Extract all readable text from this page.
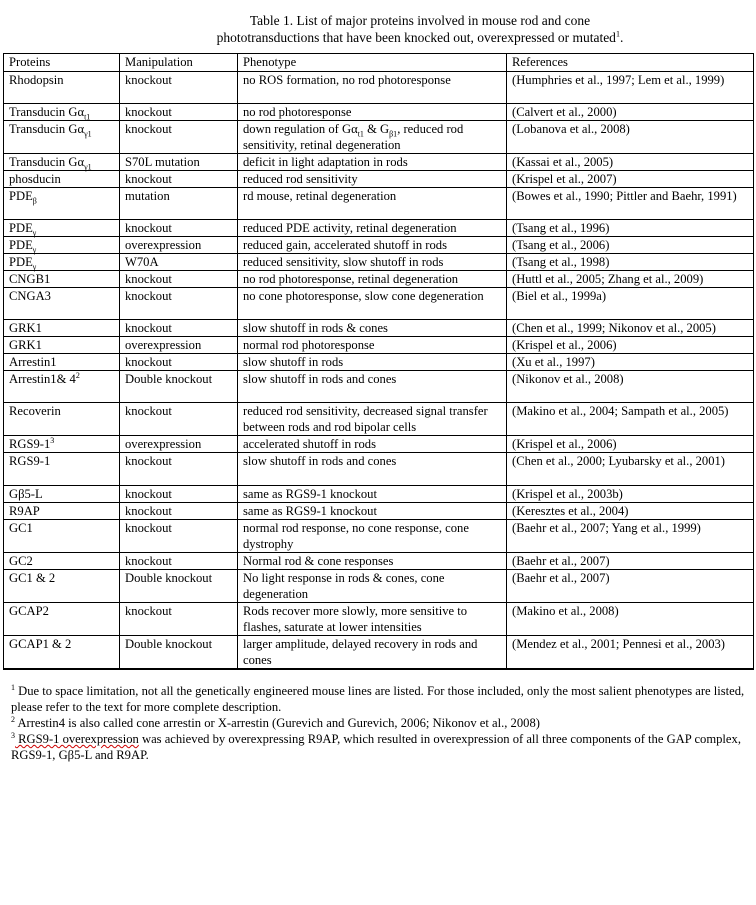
Table 1. List of major proteins involved in mouse rod and cone
phototransductions that have been knocked out, overexpressed or mutated$^1$.
Proteins	Manipulation	Phenotype	References
Rhodopsin	knockout	no ROS formation, no rod photoresponse	(Humphries et al., 1997; Lem et al., 1999)
Transducin $G\alpha_{t1}$	knockout	no rod photoresponse	(Calvert et al., 2000)
Transducin $G\alpha_{\gamma 1}$	knockout	down regulation of $G\alpha_{t1}$ & $G_{\beta 1}$, reduced rod sensitivity, retinal degeneration	(Lobanova et al., 2008)
Transducin $G\alpha_{\gamma 1}$	S70L mutation	deficit in light adaptation in rods	(Kassai et al., 2005)
phosducin	knockout	reduced rod sensitivity	(Krispel et al., 2007)
$PDE_\beta$	mutation	rd mouse, retinal degeneration	(Bowes et al., 1990; Pittler and Baehr, 1991)
$PDE_\gamma$	knockout	reduced PDE activity, retinal degeneration	(Tsang et al., 1996)
$PDE_\gamma$	overexpression	reduced gain, accelerated shutoff in rods	(Tsang et al., 2006)
$PDE_\gamma$	W70A	reduced sensitivity, slow shutoff in rods	(Tsang et al., 1998)
CNGB1	knockout	no rod photoresponse, retinal degeneration	(Huttl et al., 2005; Zhang et al., 2009)
CNGA3	knockout	no cone photoresponse, slow cone degeneration	(Biel et al., 1999a)
GRK1	knockout	slow shutoff in rods & cones	(Chen et al., 1999; Nikonov et al., 2005)
GRK1	overexpression	normal rod photoresponse	(Krispel et al., 2006)
Arrestin1	knockout	slow shutoff in rods	(Xu et al., 1997)
Arrestin1& $4^2$	Double knockout	slow shutoff in rods and cones	(Nikonov et al., 2008)
Recoverin	knockout	reduced rod sensitivity, decreased signal transfer between rods and rod bipolar cells	(Makino et al., 2004; Sampath et al., 2005)
$RGS9-1^3$	overexpression	accelerated shutoff in rods	(Krispel et al., 2006)
RGS9-1	knockout	slow shutoff in rods and cones	(Chen et al., 2000; Lyubarsky et al., 2001)
Gβ5-L	knockout	same as RGS9-1 knockout	(Krispel et al., 2003b)
R9AP	knockout	same as RGS9-1 knockout	(Keresztes et al., 2004)
GC1	knockout	normal rod response, no cone response, cone dystrophy	(Baehr et al., 2007; Yang et al., 1999)
GC2	knockout	Normal rod & cone responses	(Baehr et al., 2007)
GC1 & 2	Double knockout	No light response in rods & cones, cone degeneration	(Baehr et al., 2007)
GCAP2	knockout	Rods recover more slowly, more sensitive to flashes, saturate at lower intensities	(Makino et al., 2008)
GCAP1 & 2	Double knockout	larger amplitude, delayed recovery in rods and cones	(Mendez et al., 2001; Pennesi et al., 2003)

$^1$ Due to space limitation, not all the genetically engineered mouse lines are listed. For those included, only the most salient phenotypes are listed, please refer to the text for more complete description.

$^2$ Arrestin4 is also called cone arrestin or X-arrestin (Gurevich and Gurevich, 2006; Nikonov et al., 2008)

$^3$ RGS9-1 overexpression was achieved by overexpressing R9AP, which resulted in overexpression of all three components of the GAP complex, RGS9-1, Gβ5-L and R9AP.
